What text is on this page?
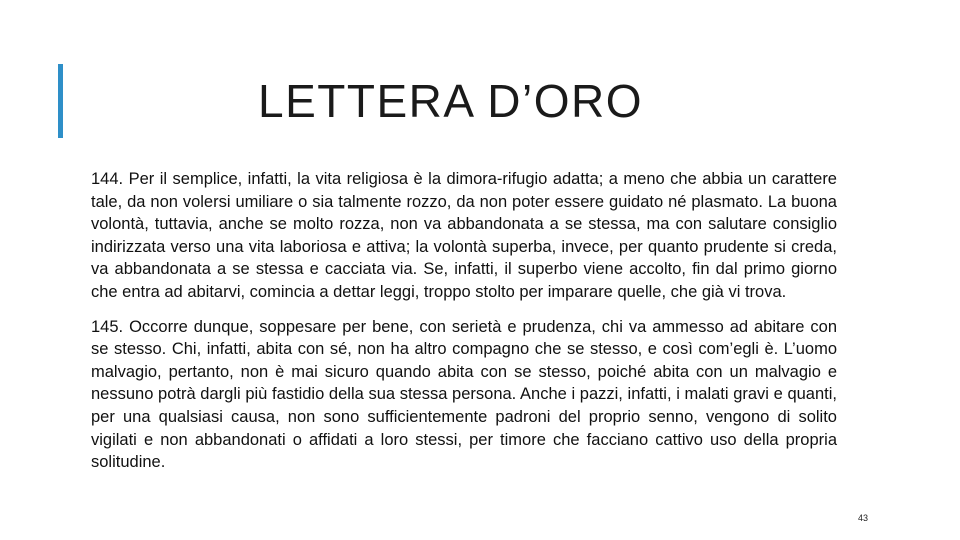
LETTERA D’ORO

144. Per il semplice, infatti, la vita religiosa è la dimora-rifugio adatta; a meno che abbia un carattere tale, da non volersi umiliare o sia talmente rozzo, da non poter essere guidato né plasmato. La buona volontà, tuttavia, anche se molto rozza, non va abbandonata a se stessa, ma con salutare consiglio indirizzata verso una vita laboriosa e attiva; la volontà superba, invece, per quanto prudente si creda, va abbandonata a se stessa e cacciata via. Se, infatti, il superbo viene accolto, fin dal primo giorno che entra ad abitarvi, comincia a dettar leggi, troppo stolto per imparare quelle, che già vi trova.

145. Occorre dunque, soppesare per bene, con serietà e prudenza, chi va ammesso ad abitare con se stesso. Chi, infatti, abita con sé, non ha altro compagno che se stesso, e così com’egli è. L’uomo malvagio, pertanto, non è mai sicuro quando abita con se stesso, poiché abita con un malvagio e nessuno potrà dargli più fastidio della sua stessa persona. Anche i pazzi, infatti, i malati gravi e quanti, per una qualsiasi causa, non sono sufficientemente padroni del proprio senno, vengono di solito vigilati e non abbandonati o affidati a loro stessi, per timore che facciano cattivo uso della propria solitudine.

43
